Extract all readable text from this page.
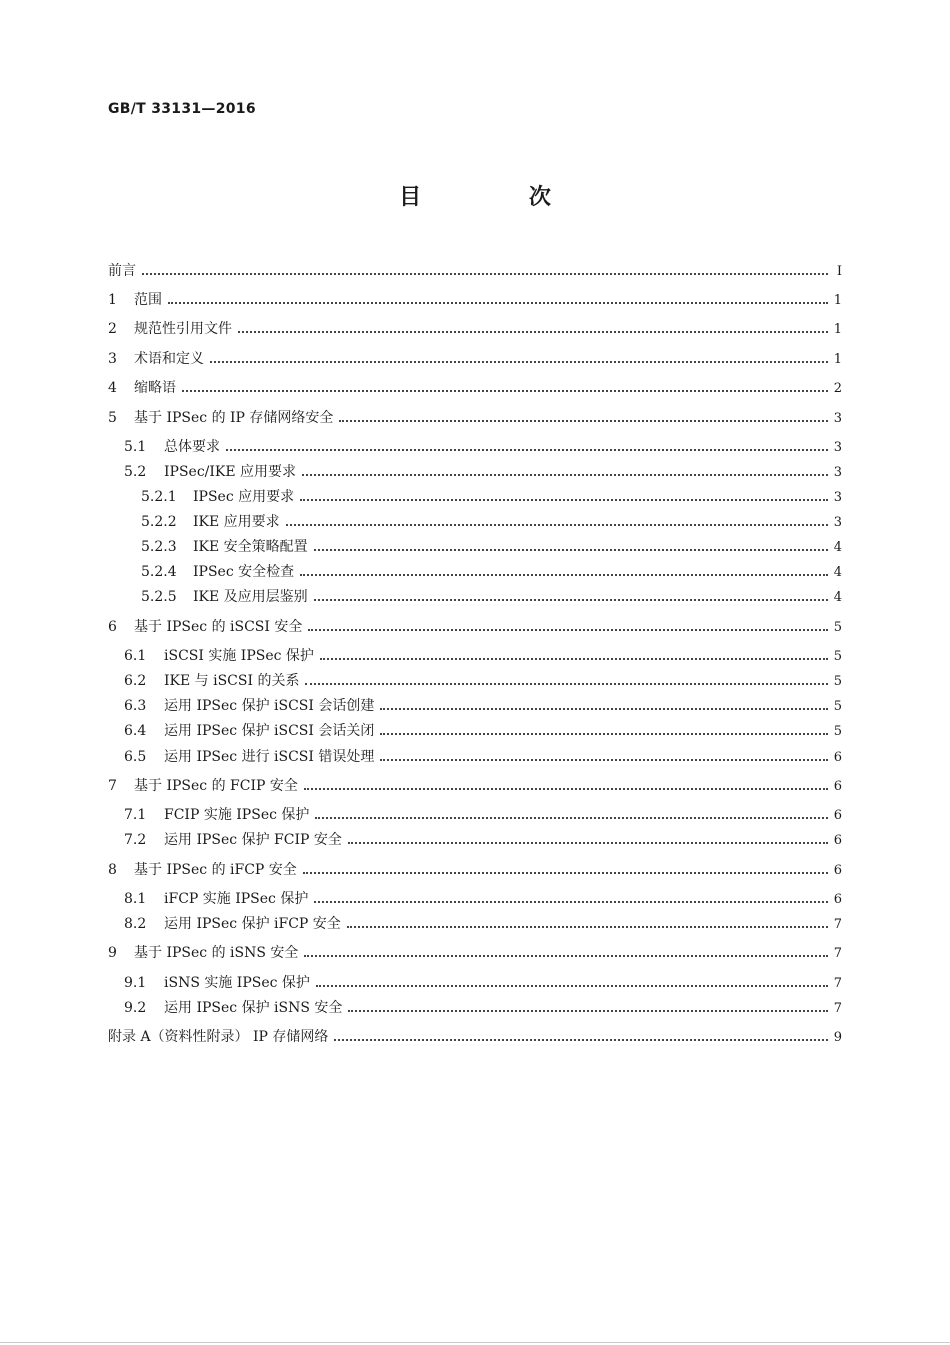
GB/T 33131—2016
目 次
前言	Ⅰ
1	范围	1
2	规范性引用文件	1
3	术语和定义	1
4	缩略语	2
5	基于 IPSec 的 IP 存储网络安全	3
5.1	总体要求	3
5.2	IPSec/IKE 应用要求	3
5.2.1	IPSec 应用要求	3
5.2.2	IKE 应用要求	3
5.2.3	IKE 安全策略配置	4
5.2.4	IPSec 安全检查	4
5.2.5	IKE 及应用层鉴别	4
6	基于 IPSec 的 iSCSI 安全	5
6.1	iSCSI 实施 IPSec 保护	5
6.2	IKE 与 iSCSI 的关系	5
6.3	运用 IPSec 保护 iSCSI 会话创建	5
6.4	运用 IPSec 保护 iSCSI 会话关闭	5
6.5	运用 IPSec 进行 iSCSI 错误处理	6
7	基于 IPSec 的 FCIP 安全	6
7.1	FCIP 实施 IPSec 保护	6
7.2	运用 IPSec 保护 FCIP 安全	6
8	基于 IPSec 的 iFCP 安全	6
8.1	iFCP 实施 IPSec 保护	6
8.2	运用 IPSec 保护 iFCP 安全	7
9	基于 IPSec 的 iSNS 安全	7
9.1	iSNS 实施 IPSec 保护	7
9.2	运用 IPSec 保护 iSNS 安全	7
附录 A（资料性附录） IP 存储网络	9
